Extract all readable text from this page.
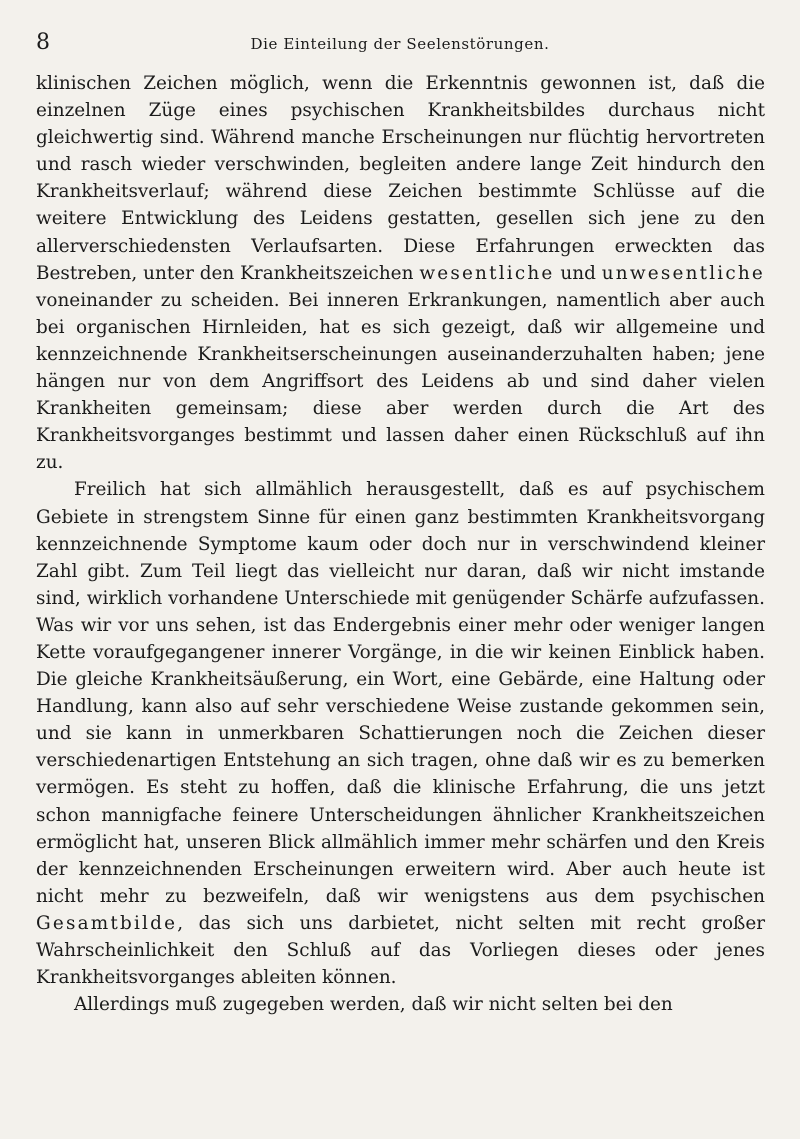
8	Die Einteilung der Seelenstörungen.

klinischen Zeichen möglich, wenn die Erkenntnis gewonnen ist, daß die einzelnen Züge eines psychischen Krankheitsbildes durchaus nicht gleichwertig sind. Während manche Erscheinungen nur flüchtig hervortreten und rasch wieder verschwinden, begleiten andere lange Zeit hindurch den Krankheitsverlauf; während diese Zeichen bestimmte Schlüsse auf die weitere Entwicklung des Leidens gestatten, gesellen sich jene zu den allerverschiedensten Verlaufsarten. Diese Erfahrungen erweckten das Bestreben, unter den Krankheitszeichen wesentliche und unwesentliche voneinander zu scheiden. Bei inneren Erkrankungen, namentlich aber auch bei organischen Hirnleiden, hat es sich gezeigt, daß wir allgemeine und kennzeichnende Krankheitserscheinungen auseinanderzuhalten haben; jene hängen nur von dem Angriffsort des Leidens ab und sind daher vielen Krankheiten gemeinsam; diese aber werden durch die Art des Krankheitsvorganges bestimmt und lassen daher einen Rückschluß auf ihn zu.

Freilich hat sich allmählich herausgestellt, daß es auf psychischem Gebiete in strengstem Sinne für einen ganz bestimmten Krankheitsvorgang kennzeichnende Symptome kaum oder doch nur in verschwindend kleiner Zahl gibt. Zum Teil liegt das vielleicht nur daran, daß wir nicht imstande sind, wirklich vorhandene Unterschiede mit genügender Schärfe aufzufassen. Was wir vor uns sehen, ist das Endergebnis einer mehr oder weniger langen Kette voraufgegangener innerer Vorgänge, in die wir keinen Einblick haben. Die gleiche Krankheitsäußerung, ein Wort, eine Gebärde, eine Haltung oder Handlung, kann also auf sehr verschiedene Weise zustande gekommen sein, und sie kann in unmerkbaren Schattierungen noch die Zeichen dieser verschiedenartigen Entstehung an sich tragen, ohne daß wir es zu bemerken vermögen. Es steht zu hoffen, daß die klinische Erfahrung, die uns jetzt schon mannigfache feinere Unterscheidungen ähnlicher Krankheitszeichen ermöglicht hat, unseren Blick allmählich immer mehr schärfen und den Kreis der kennzeichnenden Erscheinungen erweitern wird. Aber auch heute ist nicht mehr zu bezweifeln, daß wir wenigstens aus dem psychischen Gesamtbilde, das sich uns darbietet, nicht selten mit recht großer Wahrscheinlichkeit den Schluß auf das Vorliegen dieses oder jenes Krankheitsvorganges ableiten können.

Allerdings muß zugegeben werden, daß wir nicht selten bei den
